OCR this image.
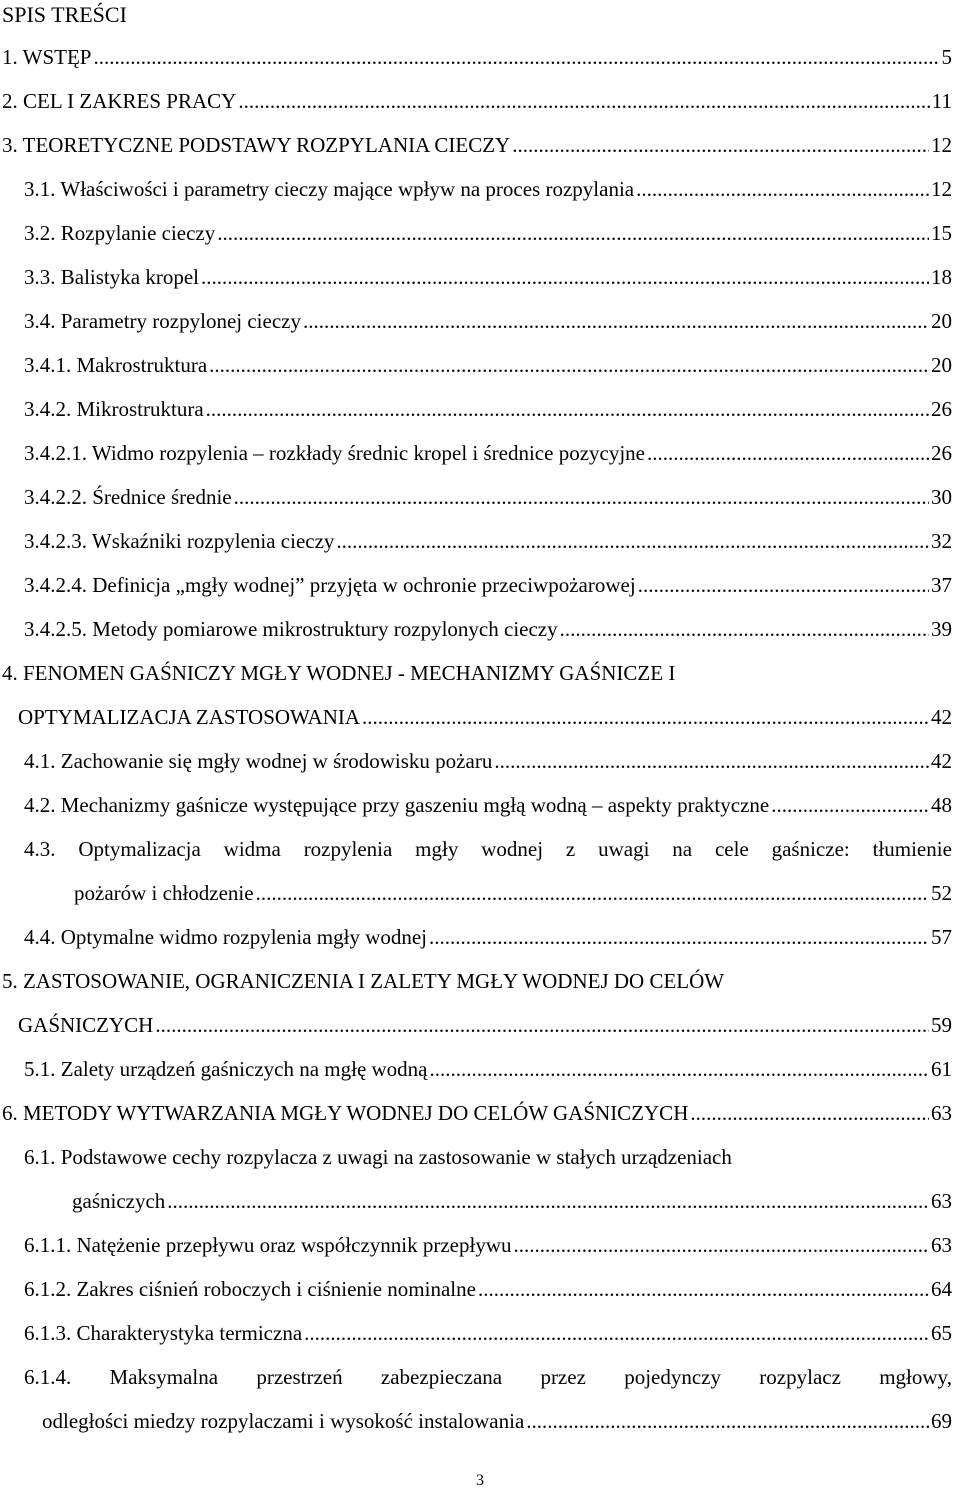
SPIS TREŚCI
1. WSTĘP .....	5
2. CEL I ZAKRES PRACY .....	11
3. TEORETYCZNE PODSTAWY ROZPYLANIA CIECZY .....	12
3.1. Właściwości i parametry cieczy mające wpływ na proces rozpylania .....	12
3.2. Rozpylanie cieczy .....	15
3.3. Balistyka kropel .....	18
3.4. Parametry rozpylonej cieczy .....	20
3.4.1. Makrostruktura .....	20
3.4.2. Mikrostruktura .....	26
3.4.2.1. Widmo rozpylenia – rozkłady średnic kropel i średnice pozycyjne .....	26
3.4.2.2. Średnice średnie .....	30
3.4.2.3. Wskaźniki rozpylenia cieczy .....	32
3.4.2.4. Definicja „mgły wodnej” przyjęta w ochronie przeciwpożarowej .....	37
3.4.2.5. Metody pomiarowe mikrostruktury rozpylonych cieczy .....	39
4. FENOMEN GAŚNICZY MGŁY WODNEJ - MECHANIZMY GAŚNICZE I
OPTYMALIZACJA ZASTOSOWANIA .....	42
4.1. Zachowanie się mgły wodnej w środowisku pożaru .....	42
4.2. Mechanizmy gaśnicze występujące przy gaszeniu mgłą wodną – aspekty praktyczne .....	48
4.3. Optymalizacja widma rozpylenia mgły wodnej z uwagi na cele gaśnicze: tłumienie
pożarów i chłodzenie .....	52
4.4. Optymalne widmo rozpylenia mgły wodnej .....	57
5. ZASTOSOWANIE, OGRANICZENIA I ZALETY MGŁY WODNEJ DO CELÓW
GAŚNICZYCH .....	59
5.1. Zalety urządzeń gaśniczych na mgłę wodną .....	61
6. METODY WYTWARZANIA MGŁY WODNEJ DO CELÓW GAŚNICZYCH .....	63
6.1. Podstawowe cechy rozpylacza z uwagi na zastosowanie w stałych urządzeniach
gaśniczych .....	63
6.1.1. Natężenie przepływu oraz współczynnik przepływu .....	63
6.1.2. Zakres ciśnień roboczych i ciśnienie nominalne .....	64
6.1.3. Charakterystyka termiczna .....	65
6.1.4. Maksymalna przestrzeń zabezpieczana przez pojedynczy rozpylacz mgłowy,
odległości miedzy rozpylaczami i wysokość instalowania .....	69
3
